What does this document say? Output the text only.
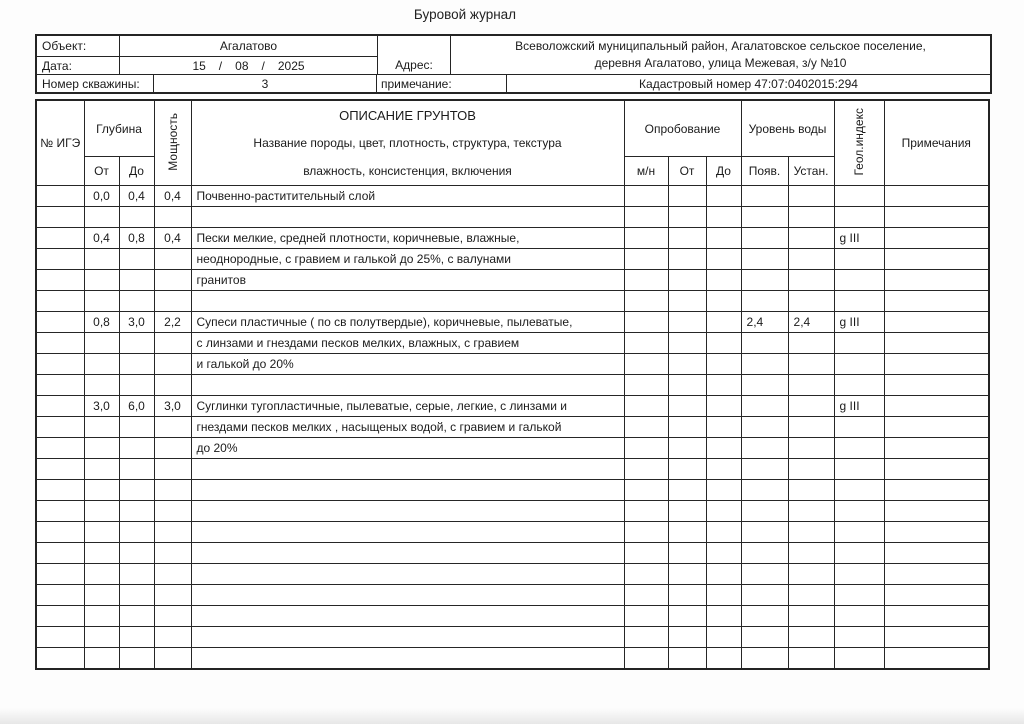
Буровой журнал
Объект:	Агалатово
Дата:	15 / 08 / 2025	Адрес:
Всеволожский муниципальный район, Агалатовское сельское поселение,
деревня Агалатово, улица Межевая, з/у №10
Номер скважины:	3	примечание:	Кадастровый номер 47:07:0402015:294
№ ИГЭ	Глубина		Мощность	ОПИСАНИЕ ГРУНТОВ
Название породы, цвет, плотность, структура, текстура
влажность, консистенция, включения	Опробование			Уровень воды		Геол.индекс	Примечания
	От	До			м/н	От	До	Появ.	Устан.		
	0,0	0,4	0,4	Почвенно-раститительный слой							

	0,4	0,8	0,4	Пески мелкие, средней плотности, коричневые, влажные,						g III	
				неоднородные, с гравием и галькой до 25%, с валунами							
				гранитов							

	0,8	3,0	2,2	Супеси пластичные ( по св полутвердые), коричневые, пылеватые,				2,4	2,4	g III	
				с линзами и гнездами песков мелких, влажных, с гравием							
				и галькой до 20%							

	3,0	6,0	3,0	Суглинки тугопластичные, пылеватые, серые, легкие, с линзами и						g III	
				гнездами песков мелких , насыщеных водой, с гравием и галькой							
				до 20%							
